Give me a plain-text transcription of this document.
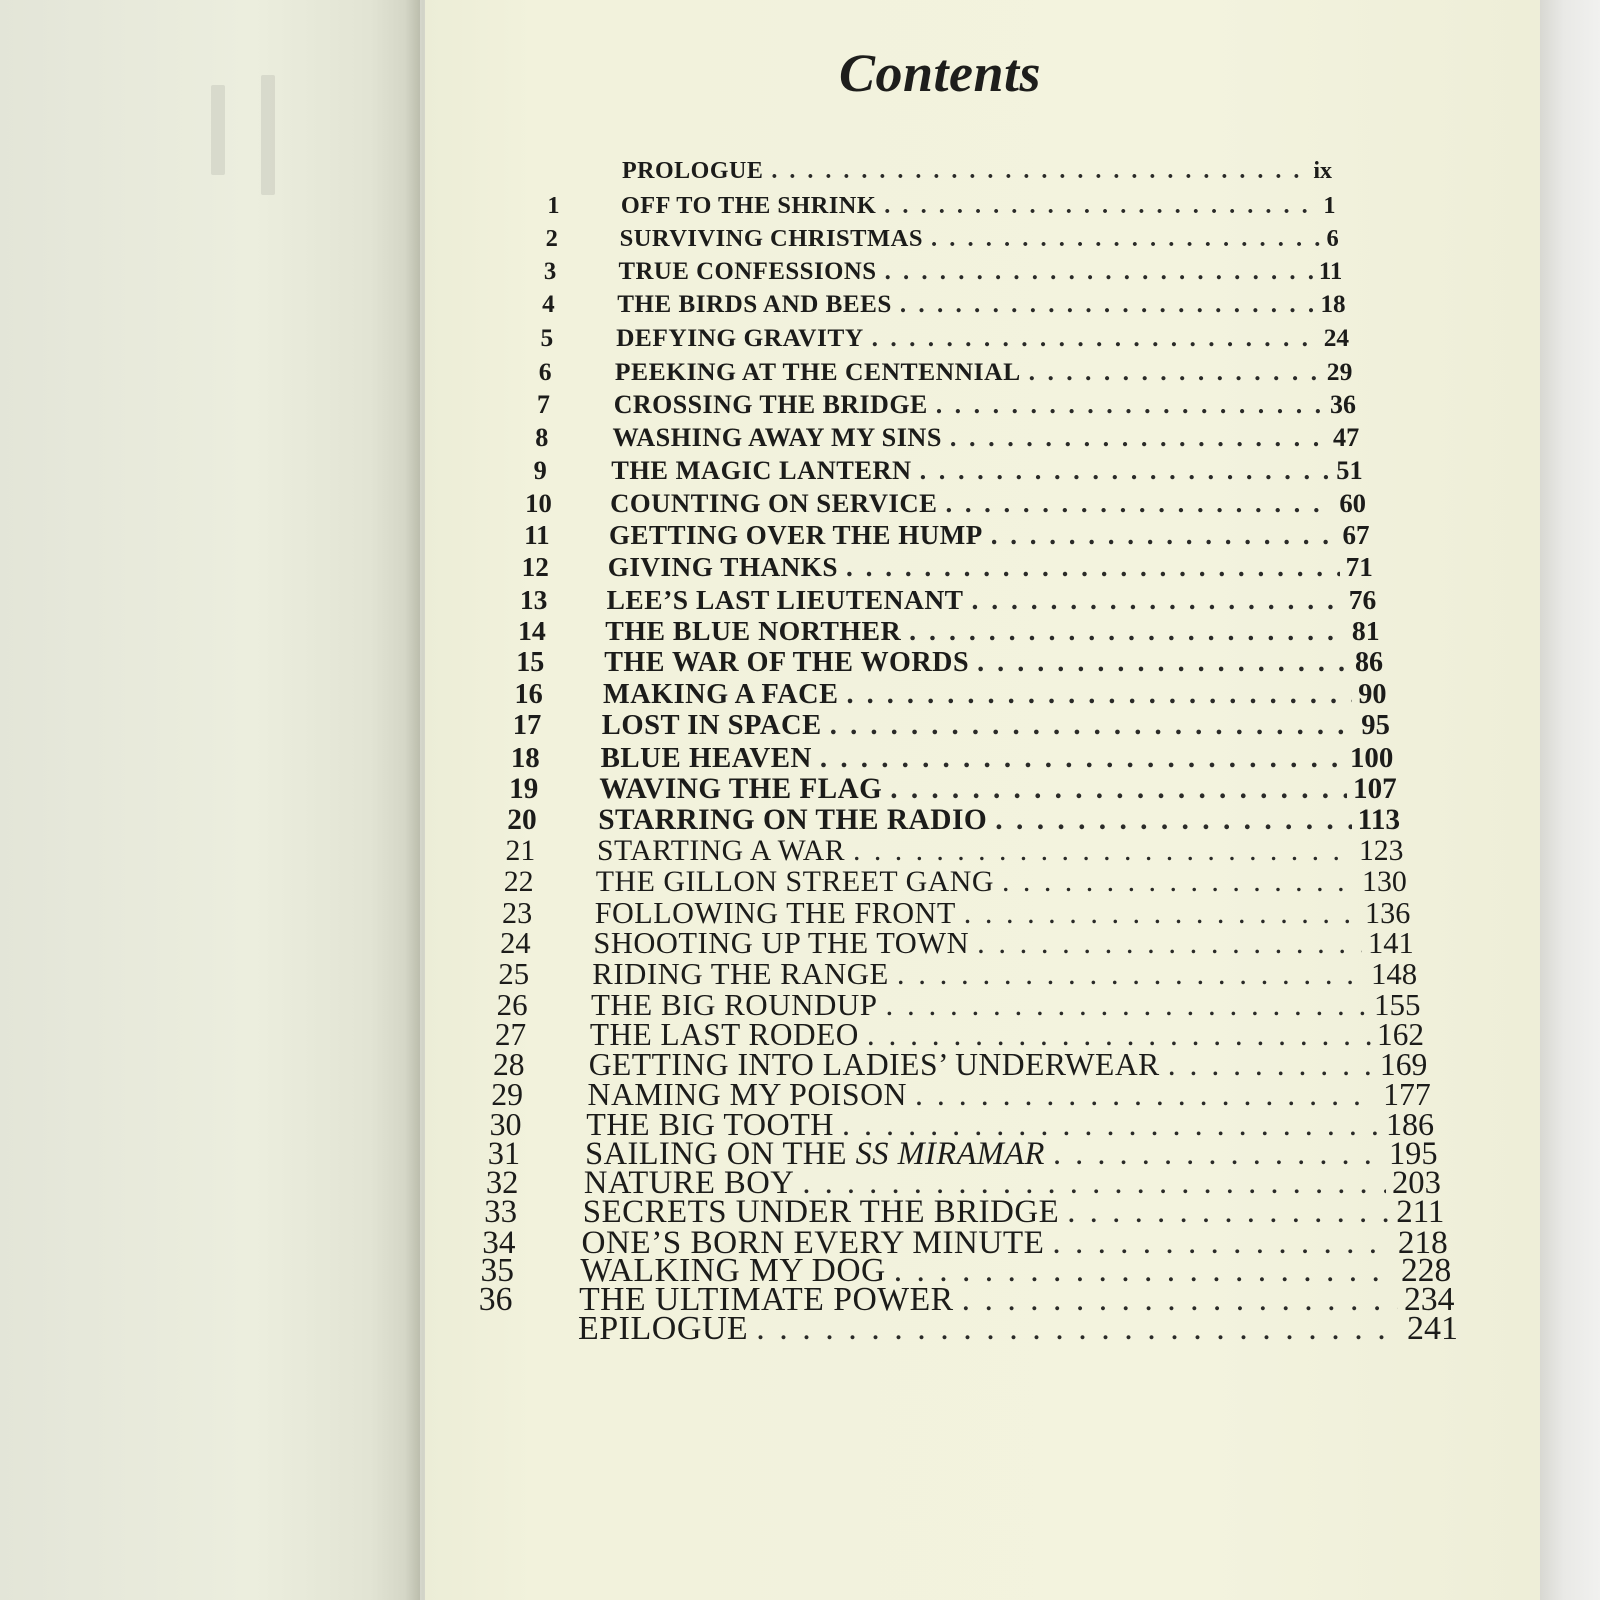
Contents
PROLOGUE . . .	ix
1	OFF TO THE SHRINK . . .	1
2	SURVIVING CHRISTMAS . . .	6
3	TRUE CONFESSIONS . . .	11
4	THE BIRDS AND BEES . . .	18
5	DEFYING GRAVITY . . .	24
6	PEEKING AT THE CENTENNIAL . . .	29
7	CROSSING THE BRIDGE . . .	36
8	WASHING AWAY MY SINS . . .	47
9	THE MAGIC LANTERN . . .	51
10	COUNTING ON SERVICE . . .	60
11	GETTING OVER THE HUMP . . .	67
12	GIVING THANKS . . .	71
13	LEE’S LAST LIEUTENANT . . .	76
14	THE BLUE NORTHER . . .	81
15	THE WAR OF THE WORDS . . .	86
16	MAKING A FACE . . .	90
17	LOST IN SPACE . . .	95
18	BLUE HEAVEN . . .	100
19	WAVING THE FLAG . . .	107
20	STARRING ON THE RADIO . . .	113
21	STARTING A WAR . . .	123
22	THE GILLON STREET GANG . . .	130
23	FOLLOWING THE FRONT . . .	136
24	SHOOTING UP THE TOWN . . .	141
25	RIDING THE RANGE . . .	148
26	THE BIG ROUNDUP . . .	155
27 THE LAST RODEO . . .	162
28 GETTING INTO LADIES’ UNDERWEAR . . .	169
29 NAMING MY POISON . . .	177
30 THE BIG TOOTH . . .	186
31 SAILING ON THE SS MIRAMAR . . .	195
32 NATURE BOY . . .	203
33 SECRETS UNDER THE BRIDGE . . .	211
34 ONE’S BORN EVERY MINUTE . . .	218
35 WALKING MY DOG . . .	228
36 THE ULTIMATE POWER . . .	234
EPILOGUE . . .	241
